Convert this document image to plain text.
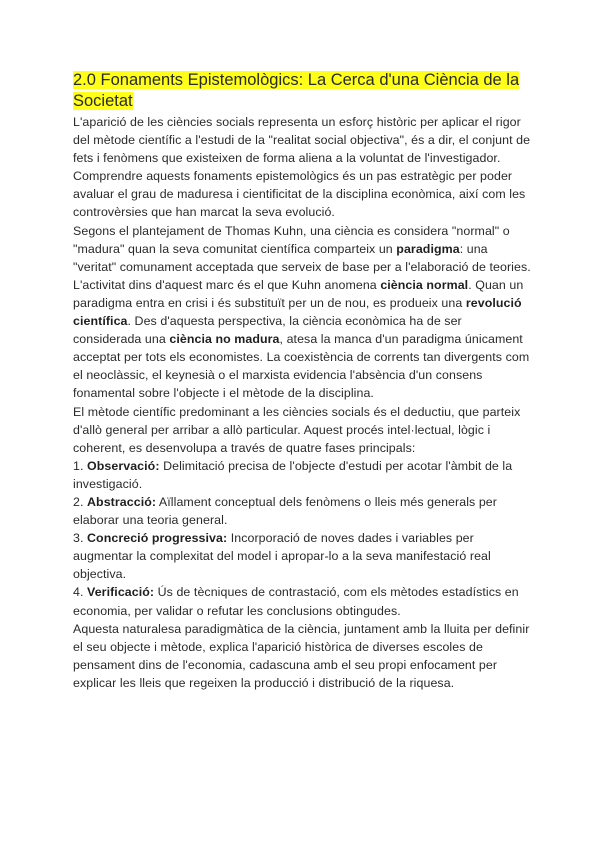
2.0 Fonaments Epistemològics: La Cerca d'una Ciència de la Societat

L'aparició de les ciències socials representa un esforç històric per aplicar el rigor del mètode científic a l'estudi de la "realitat social objectiva", és a dir, el conjunt de fets i fenòmens que existeixen de forma aliena a la voluntat de l'investigador. Comprendre aquests fonaments epistemològics és un pas estratègic per poder avaluar el grau de maduresa i cientificitat de la disciplina econòmica, així com les controvèrsies que han marcat la seva evolució.

Segons el plantejament de Thomas Kuhn, una ciència es considera "normal" o "madura" quan la seva comunitat científica comparteix un paradigma: una "veritat" comunament acceptada que serveix de base per a l'elaboració de teories. L'activitat dins d'aquest marc és el que Kuhn anomena ciència normal. Quan un paradigma entra en crisi i és substituït per un de nou, es produeix una revolució científica. Des d'aquesta perspectiva, la ciència econòmica ha de ser considerada una ciència no madura, atesa la manca d'un paradigma únicament acceptat per tots els economistes. La coexistència de corrents tan divergents com el neoclàssic, el keynesià o el marxista evidencia l'absència d'un consens fonamental sobre l'objecte i el mètode de la disciplina.

El mètode científic predominant a les ciències socials és el deductiu, que parteix d'allò general per arribar a allò particular. Aquest procés intel·lectual, lògic i coherent, es desenvolupa a través de quatre fases principals:

1. Observació: Delimitació precisa de l'objecte d'estudi per acotar l'àmbit de la investigació.

2. Abstracció: Aïllament conceptual dels fenòmens o lleis més generals per elaborar una teoria general.

3. Concreció progressiva: Incorporació de noves dades i variables per augmentar la complexitat del model i apropar-lo a la seva manifestació real objectiva.

4. Verificació: Ús de tècniques de contrastació, com els mètodes estadístics en economia, per validar o refutar les conclusions obtingudes.

Aquesta naturalesa paradigmàtica de la ciència, juntament amb la lluita per definir el seu objecte i mètode, explica l'aparició històrica de diverses escoles de pensament dins de l'economia, cadascuna amb el seu propi enfocament per explicar les lleis que regeixen la producció i distribució de la riquesa.
